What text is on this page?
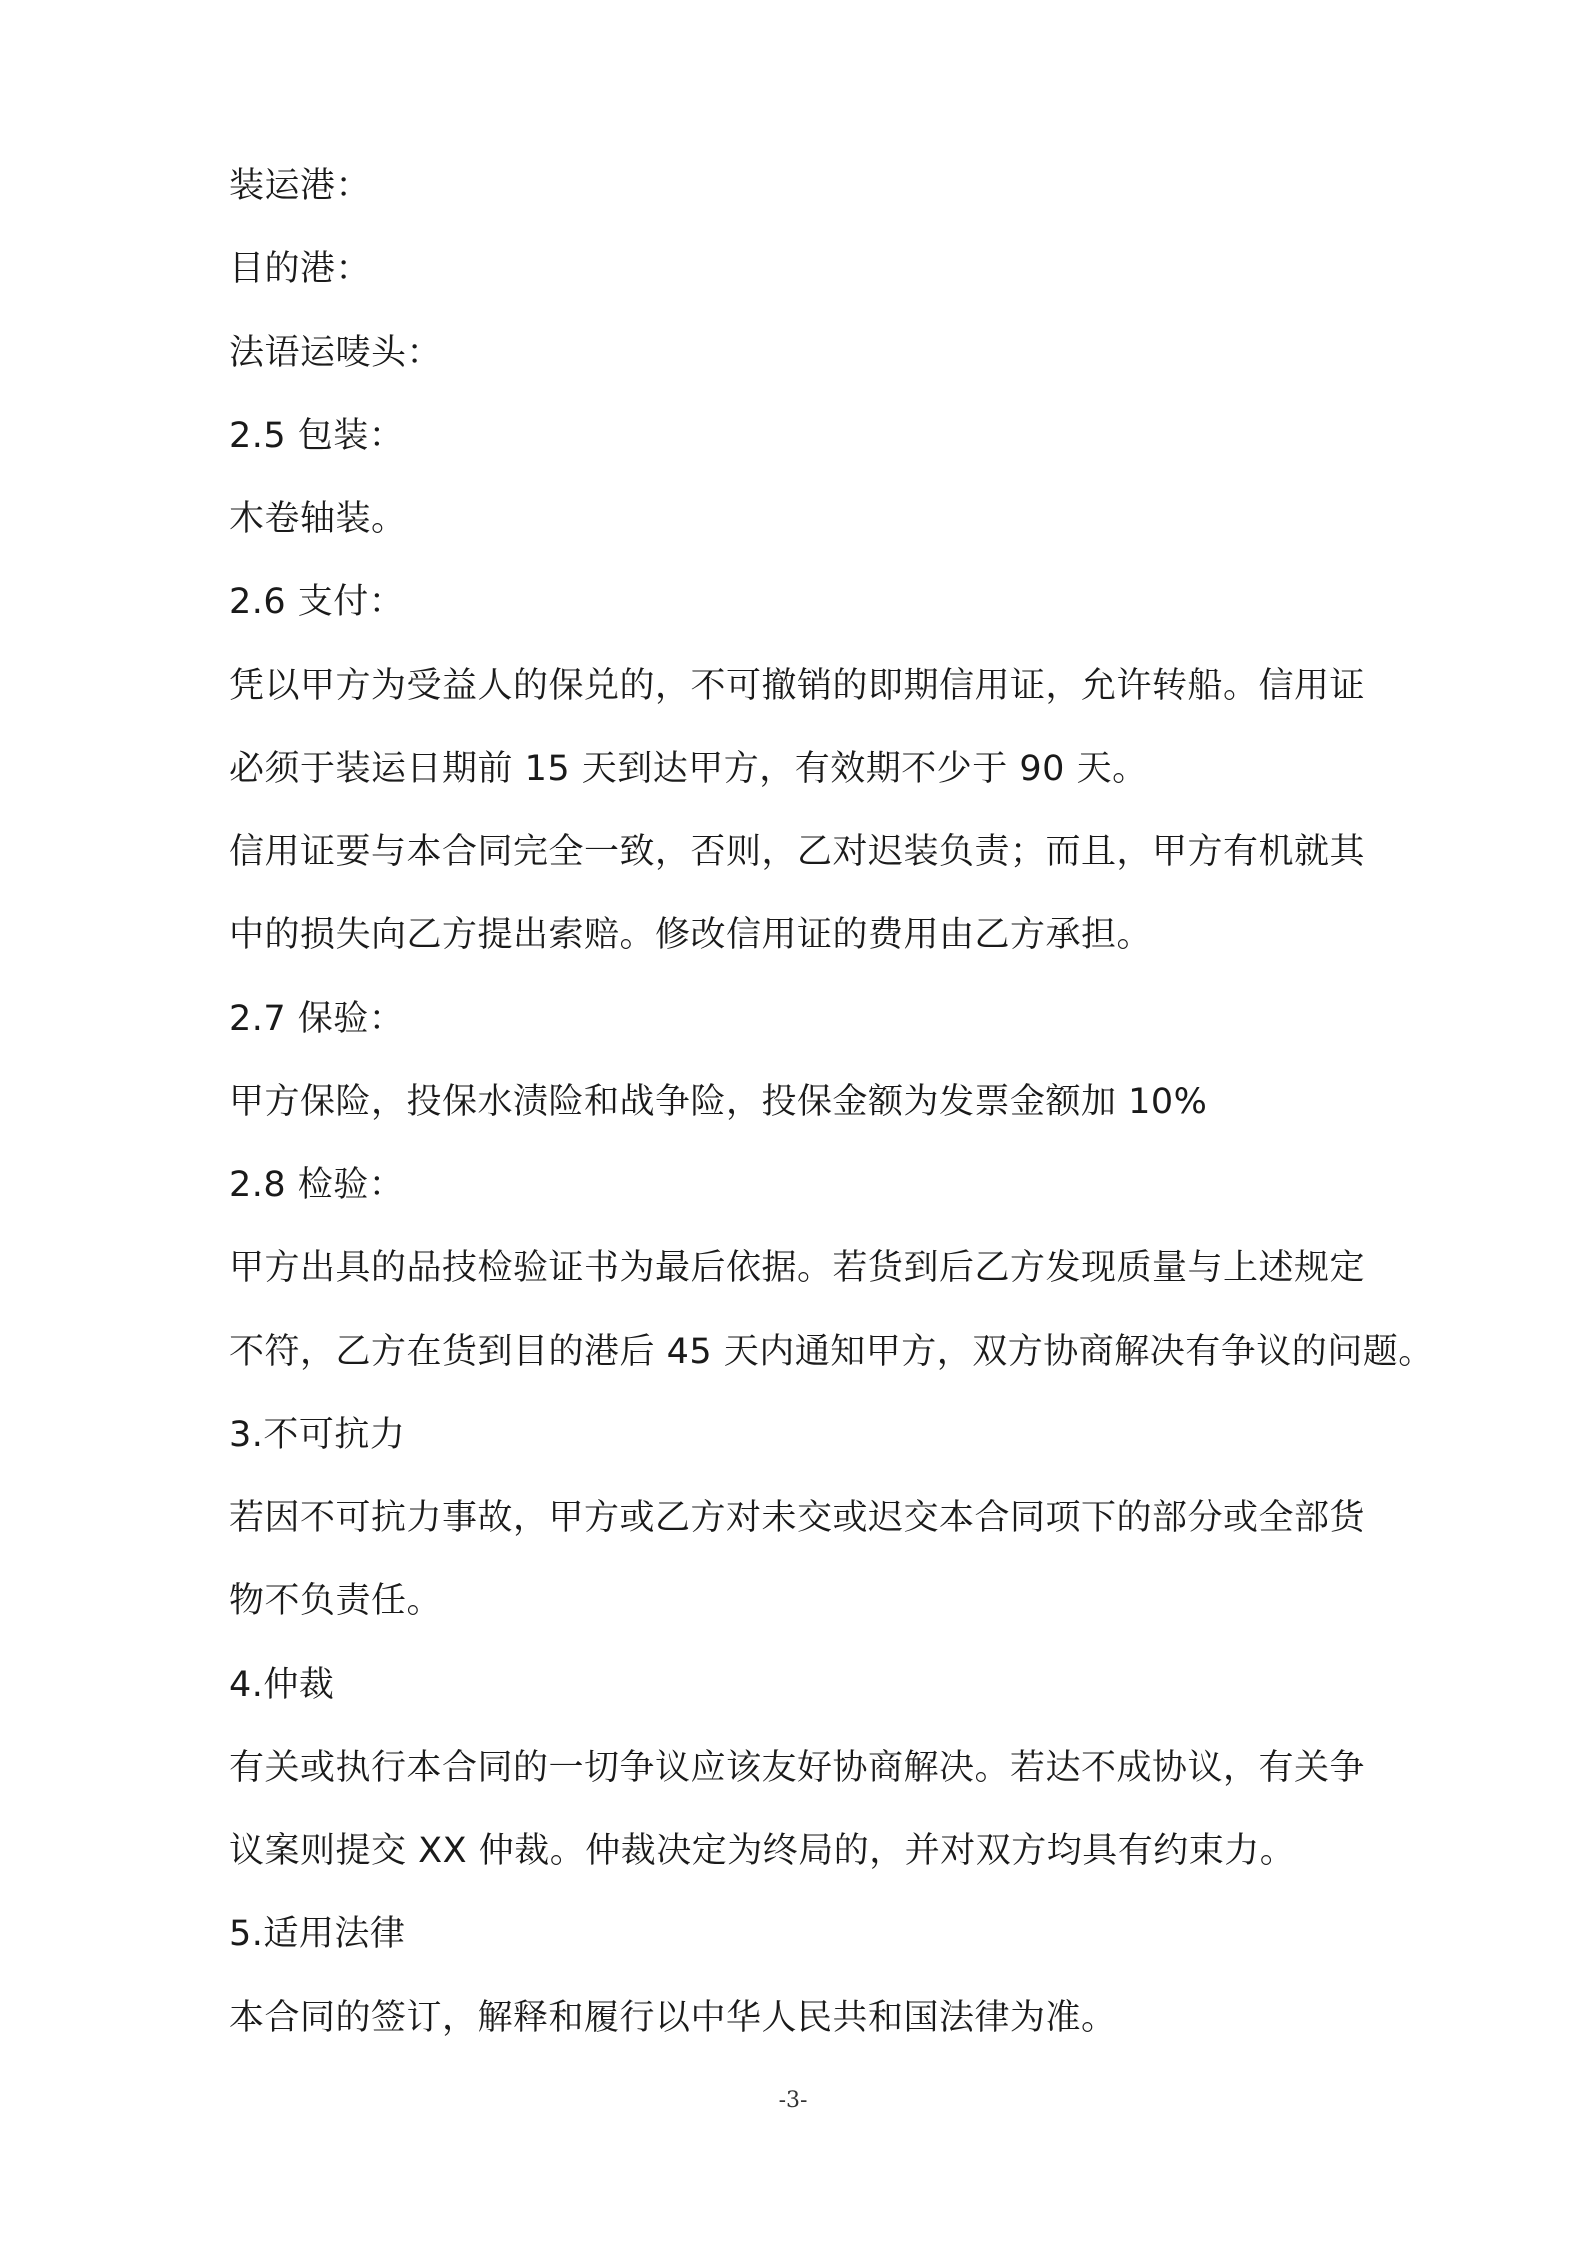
装运港：
目的港：
法语运唛头：
2.5 包装：
木卷轴装。
2.6 支付：
凭以甲方为受益人的保兑的，不可撤销的即期信用证，允许转船。信用证
必须于装运日期前 15 天到达甲方，有效期不少于 90 天。
信用证要与本合同完全一致，否则，乙对迟装负责；而且，甲方有机就其
中的损失向乙方提出索赔。修改信用证的费用由乙方承担。
2.7 保验：
甲方保险，投保水渍险和战争险，投保金额为发票金额加 10%
2.8 检验：
甲方出具的品技检验证书为最后依据。若货到后乙方发现质量与上述规定
不符，乙方在货到目的港后 45 天内通知甲方，双方协商解决有争议的问题。
3.不可抗力
若因不可抗力事故，甲方或乙方对未交或迟交本合同项下的部分或全部货
物不负责任。
4.仲裁
有关或执行本合同的一切争议应该友好协商解决。若达不成协议，有关争
议案则提交 XX 仲裁。仲裁决定为终局的，并对双方均具有约束力。
5.适用法律
本合同的签订，解释和履行以中华人民共和国法律为准。
-3-
